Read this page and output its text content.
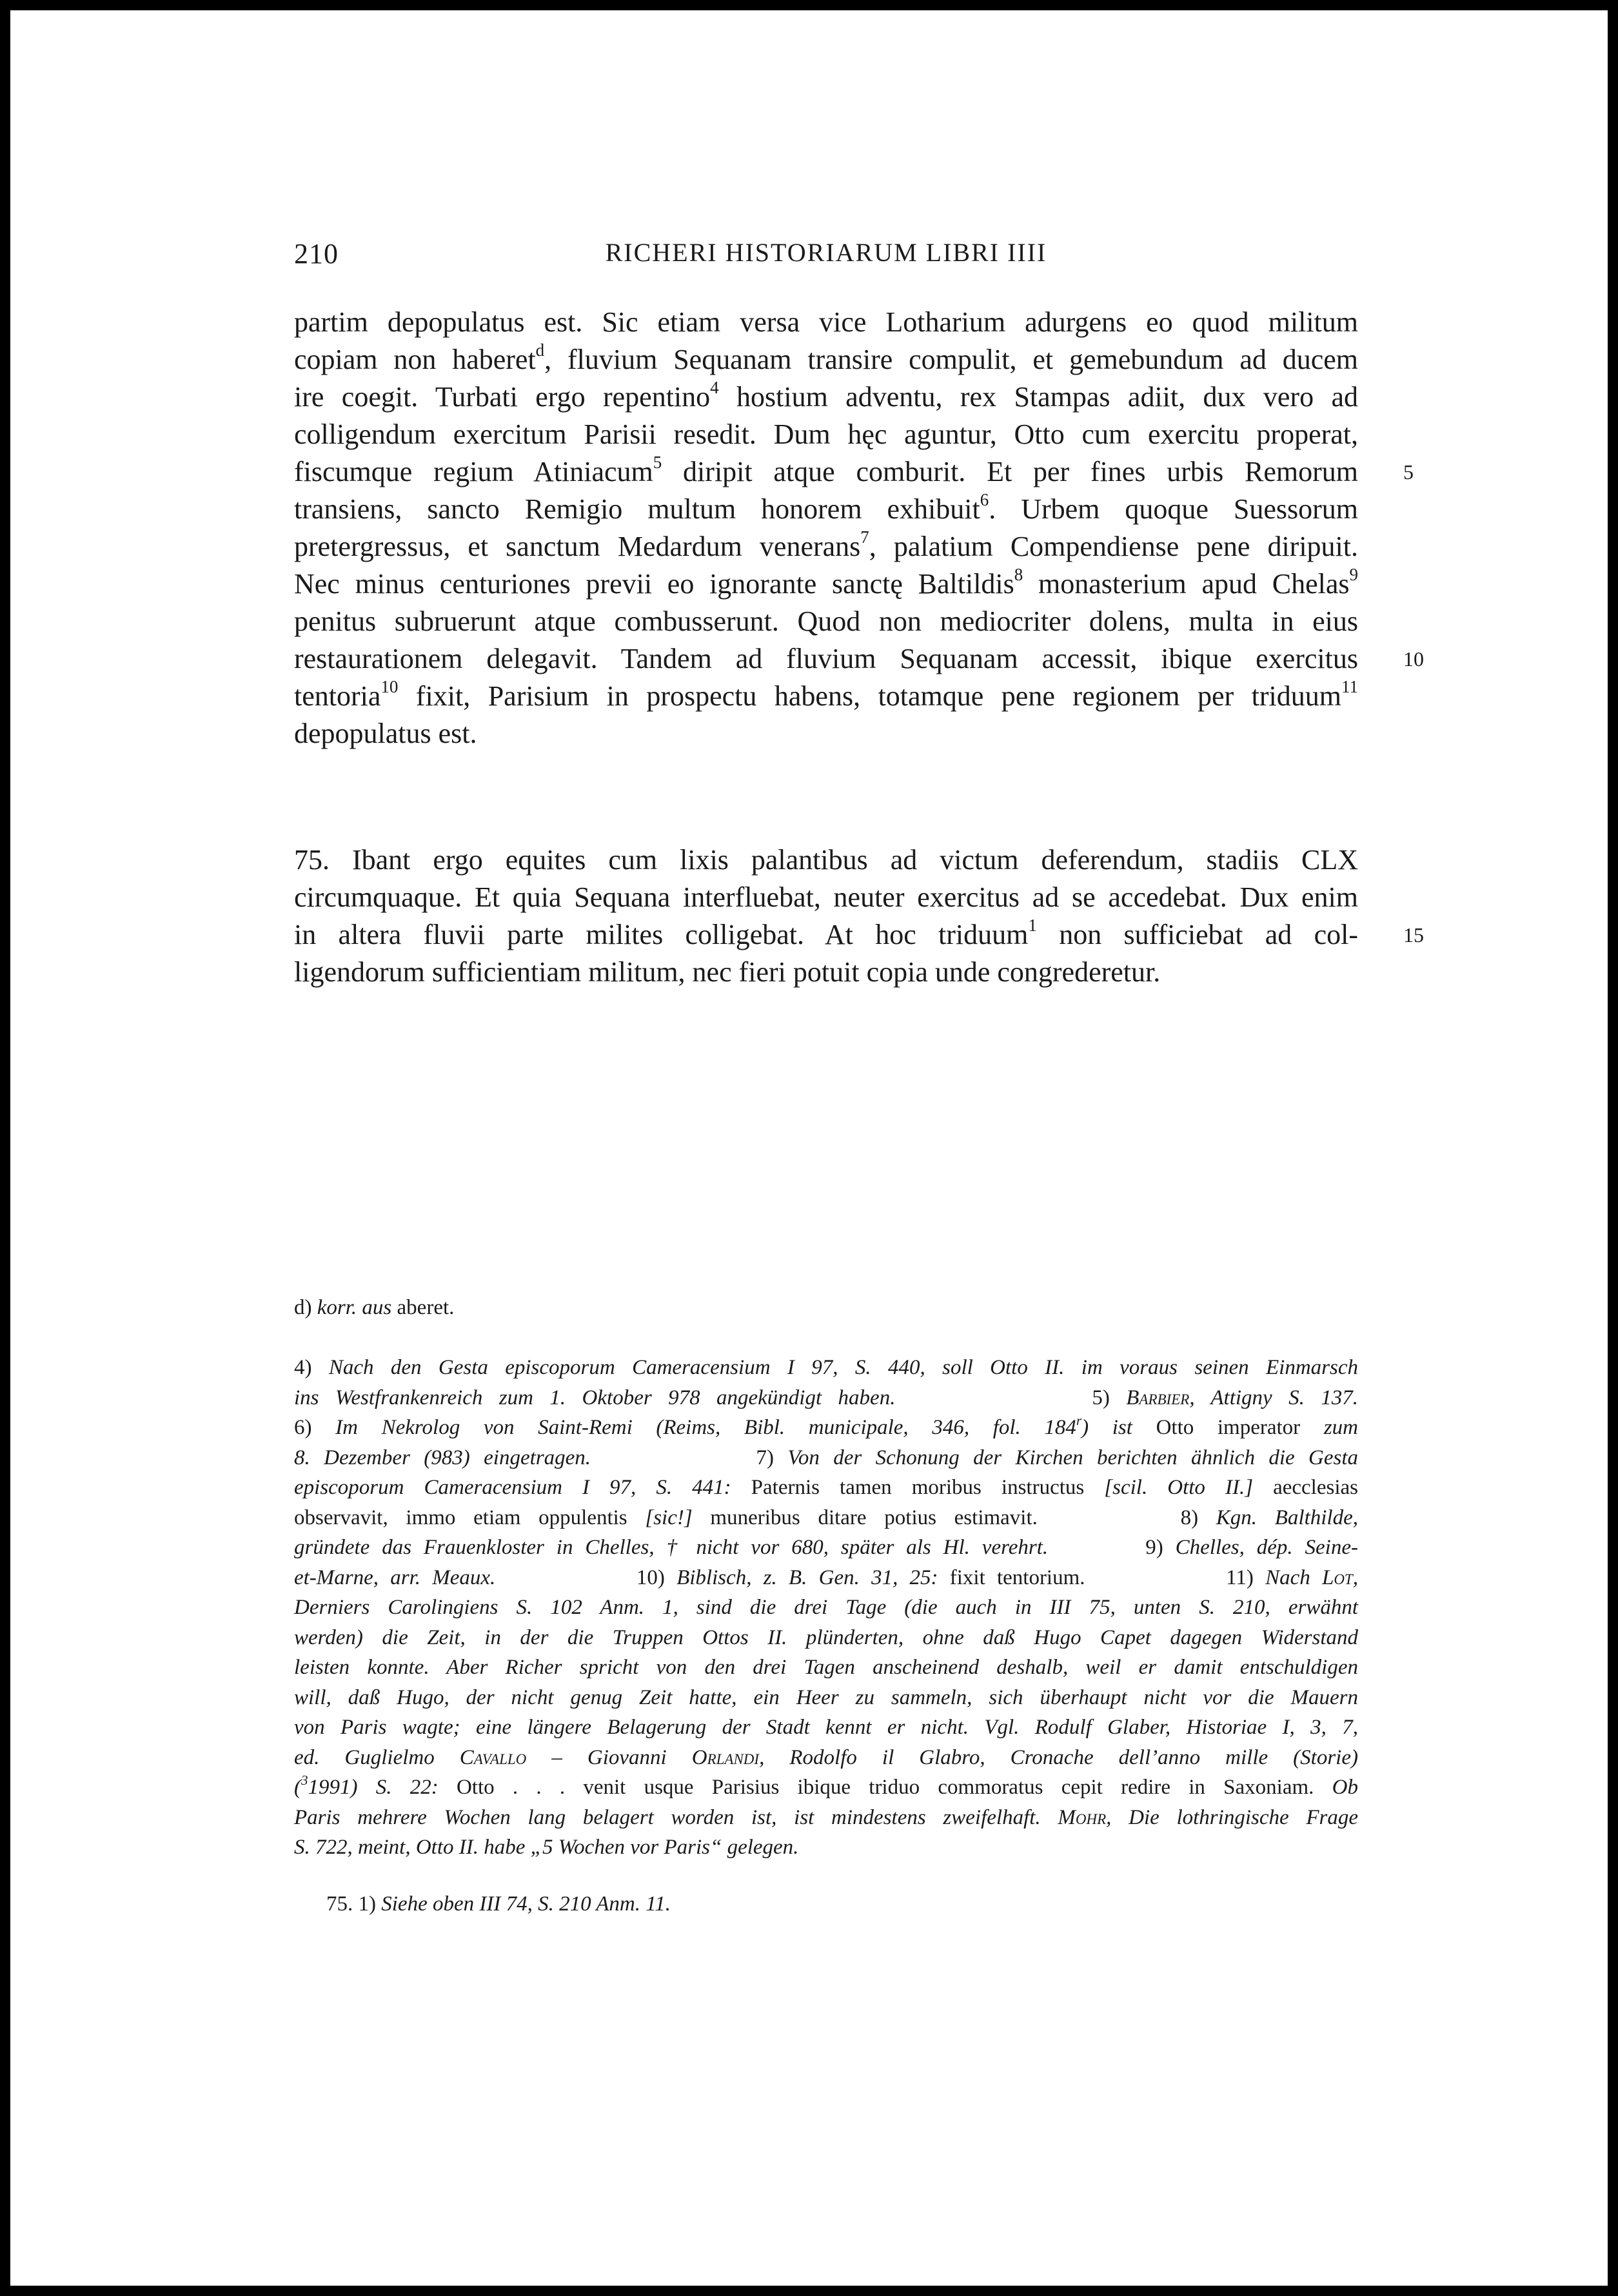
210	RICHERI HISTORIARUM LIBRI IIII
partim depopulatus est. Sic etiam versa vice Lotharium adurgens eo quod militum
copiam non haberet$^d$, fluvium Sequanam transire compulit, et gemebundum ad ducem
ire coegit. Turbati ergo repentino$^4$ hostium adventu, rex Stampas adiit, dux vero ad
colligendum exercitum Parisii resedit. Dum hęc aguntur, Otto cum exercitu properat,
fiscumque regium Atiniacum$^5$ diripit atque comburit. Et per fines urbis Remorum
transiens, sancto Remigio multum honorem exhibuit$^6$. Urbem quoque Suessorum
pretergressus, et sanctum Medardum venerans$^7$, palatium Compendiense pene diripuit.
Nec minus centuriones previi eo ignorante sanctę Baltildis$^8$ monasterium apud Chelas$^9$
penitus subruerunt atque combusserunt. Quod non mediocriter dolens, multa in eius
restaurationem delegavit. Tandem ad fluvium Sequanam accessit, ibique exercitus
tentoria$^{10}$ fixit, Parisium in prospectu habens, totamque pene regionem per triduum$^{11}$
depopulatus est.
75. Ibant ergo equites cum lixis palantibus ad victum deferendum, stadiis CLX
circumquaque. Et quia Sequana interfluebat, neuter exercitus ad se accedebat. Dux enim
in altera fluvii parte milites colligebat. At hoc triduum$^1$ non sufficiebat ad col-
ligendorum sufficientiam militum, nec fieri potuit copia unde congrederetur.
5
10
15
d) korr. aus aberet.
4) Nach den Gesta episcoporum Cameracensium I 97, S. 440, soll Otto II. im voraus seinen Einmarsch
ins Westfrankenreich zum 1. Oktober 978 angekündigt haben.            5) Barbier, Attigny S. 137.
6) Im Nekrolog von Saint-Remi (Reims, Bibl. municipale, 346, fol. 184$^r$) ist Otto imperator zum
8. Dezember (983) eingetragen.            7) Von der Schonung der Kirchen berichten ähnlich die Gesta
episcoporum Cameracensium I 97, S. 441: Paternis tamen moribus instructus [scil. Otto II.] aecclesias
observavit, immo etiam oppulentis [sic!] muneribus ditare potius estimavit.        8) Kgn. Balthilde,
gründete das Frauenkloster in Chelles, † nicht vor 680, später als Hl. verehrt.        9) Chelles, dép. Seine-
et-Marne, arr. Meaux.            10) Biblisch, z. B. Gen. 31, 25: fixit tentorium.            11) Nach Lot,
Derniers Carolingiens S. 102 Anm. 1, sind die drei Tage (die auch in III 75, unten S. 210, erwähnt
werden) die Zeit, in der die Truppen Ottos II. plünderten, ohne daß Hugo Capet dagegen Widerstand
leisten konnte. Aber Richer spricht von den drei Tagen anscheinend deshalb, weil er damit entschuldigen
will, daß Hugo, der nicht genug Zeit hatte, ein Heer zu sammeln, sich überhaupt nicht vor die Mauern
von Paris wagte; eine längere Belagerung der Stadt kennt er nicht. Vgl. Rodulf Glaber, Historiae I, 3, 7,
ed. Guglielmo Cavallo – Giovanni Orlandi, Rodolfo il Glabro, Cronache dell’anno mille (Storie)
($^3$1991) S. 22: Otto . . . venit usque Parisius ibique triduo commoratus cepit redire in Saxoniam. Ob
Paris mehrere Wochen lang belagert worden ist, ist mindestens zweifelhaft. Mohr, Die lothringische Frage
S. 722, meint, Otto II. habe „5 Wochen vor Paris“ gelegen.
75. 1) Siehe oben III 74, S. 210 Anm. 11.
